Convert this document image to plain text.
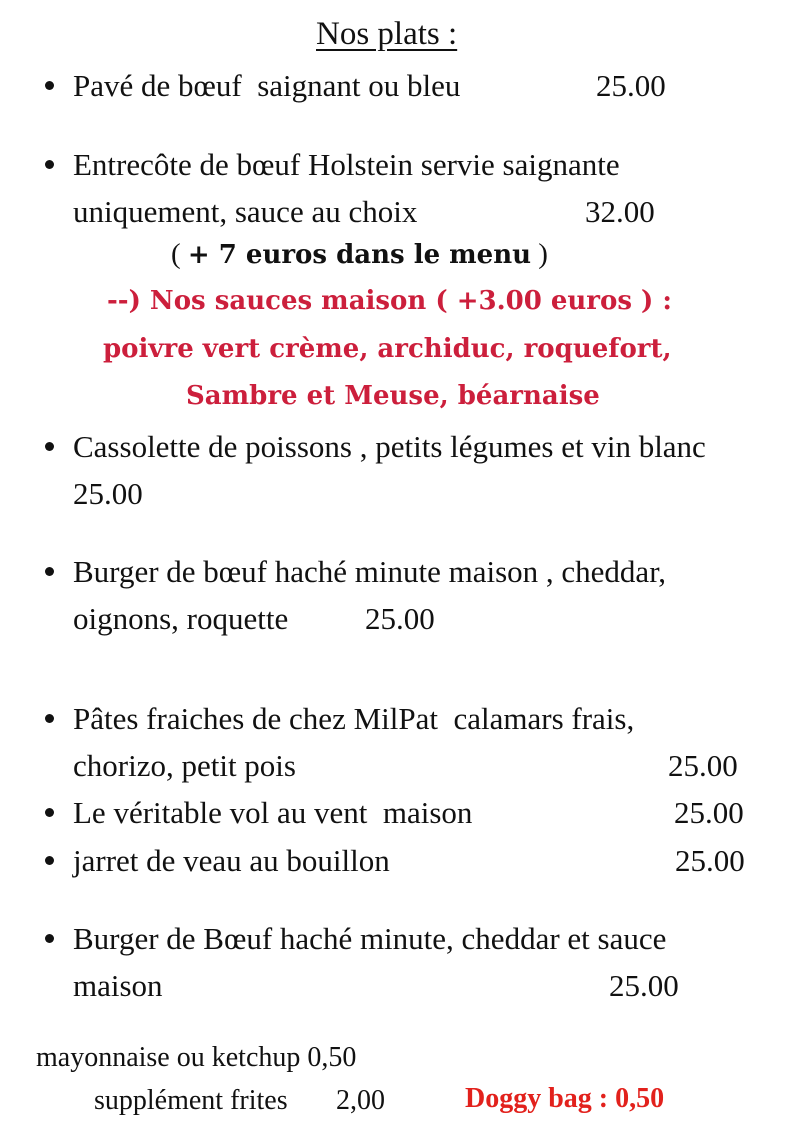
Nos plats :
Pavé de bœuf  saignant ou bleu	25.00
Entrecôte de bœuf Holstein servie saignante
uniquement, sauce au choix	32.00
( + 7 euros dans le menu )
--) Nos sauces maison ( +3.00 euros ) :
poivre vert crème, archiduc, roquefort,
Sambre et Meuse, béarnaise
Cassolette de poissons , petits légumes et vin blanc
25.00
Burger de bœuf haché minute maison , cheddar,
oignons, roquette 25.00
Pâtes fraiches de chez MilPat  calamars frais,
chorizo, petit pois	25.00
Le véritable vol au vent  maison	25.00
jarret de veau au bouillon	25.00
Burger de Bœuf haché minute, cheddar et sauce
maison	25.00
mayonnaise ou ketchup 0,50
supplément frites 2,00	Doggy bag : 0,50
